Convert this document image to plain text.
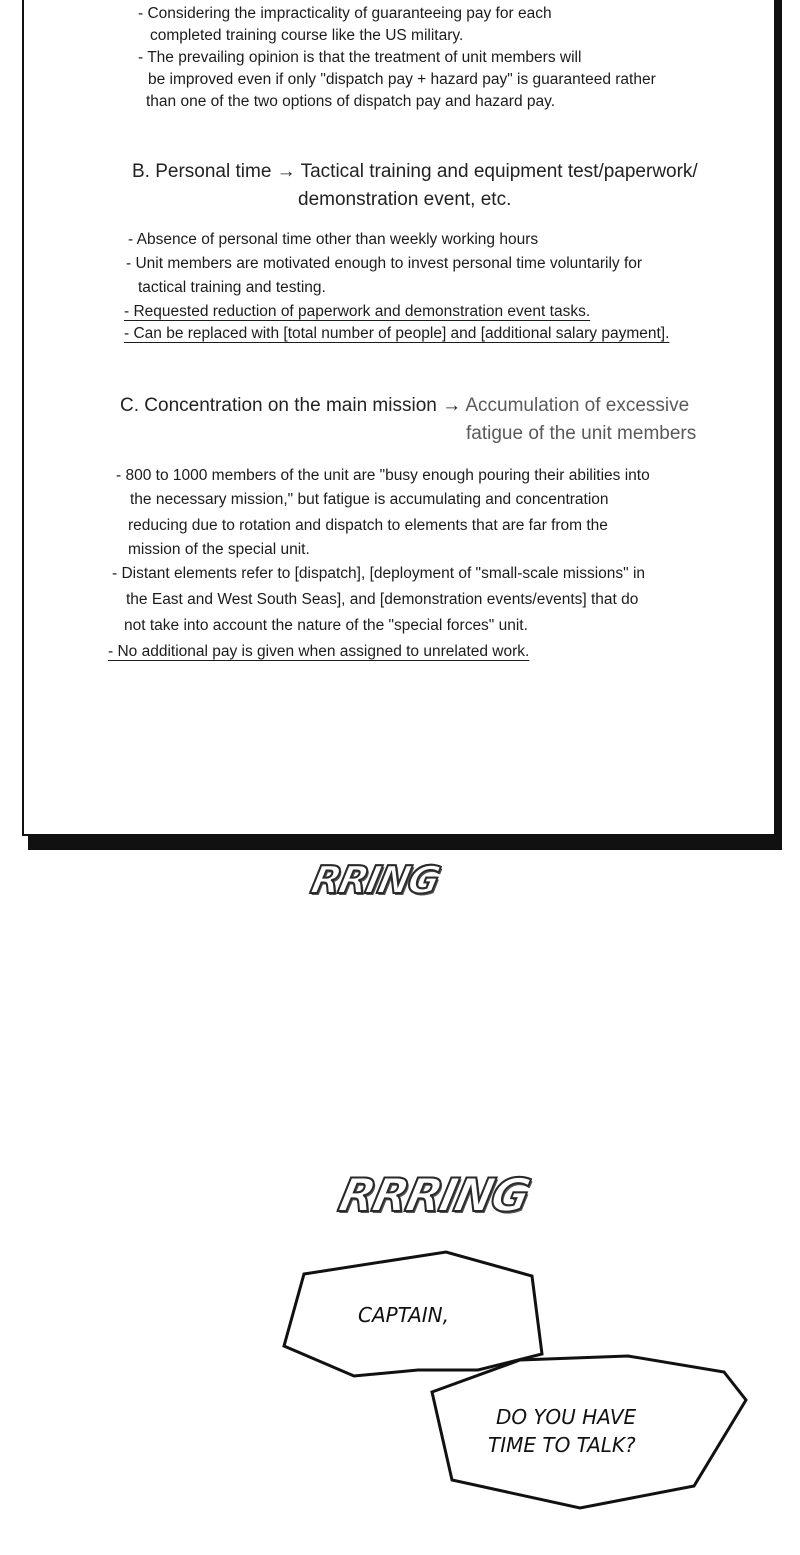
- Considering the impracticality of guaranteeing pay for each

completed training course like the US military.

- The prevailing opinion is that the treatment of unit members will

be improved even if only "dispatch pay + hazard pay" is guaranteed rather

than one of the two options of dispatch pay and hazard pay.

B. Personal time → Tactical training and equipment test/paperwork/

demonstration event, etc.

- Absence of personal time other than weekly working hours

- Unit members are motivated enough to invest personal time voluntarily for

tactical training and testing.

- Requested reduction of paperwork and demonstration event tasks.

- Can be replaced with [total number of people] and [additional salary payment].

C. Concentration on the main mission → Accumulation of excessive

fatigue of the unit members

- 800 to 1000 members of the unit are "busy enough pouring their abilities into

the necessary mission," but fatigue is accumulating and concentration

reducing due to rotation and dispatch to elements that are far from the

mission of the special unit.

- Distant elements refer to [dispatch], [deployment of "small-scale missions" in

the East and West South Seas], and [demonstration events/events] that do

not take into account the nature of the "special forces" unit.

- No additional pay is given when assigned to unrelated work.

RRING

RRRING

CAPTAIN,

DO YOU HAVE

TIME TO TALK?
